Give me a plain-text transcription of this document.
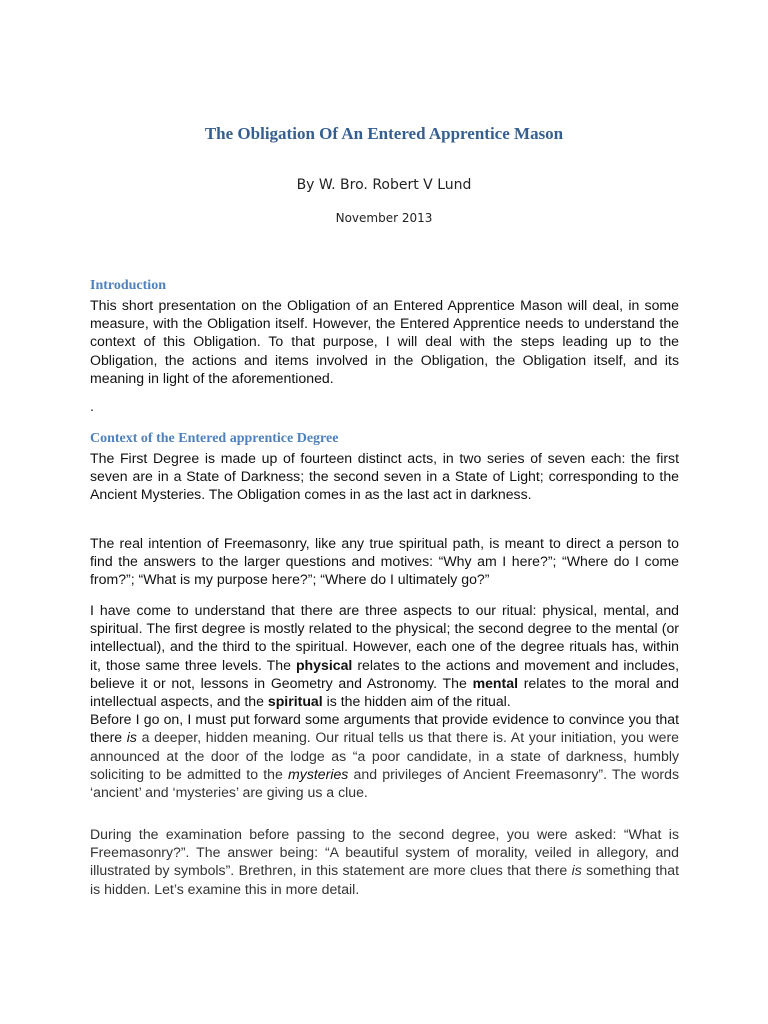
The Obligation Of An Entered Apprentice Mason
By W. Bro. Robert V Lund
November 2013
Introduction

This short presentation on the Obligation of an Entered Apprentice Mason will deal, in some measure, with the Obligation itself. However, the Entered Apprentice needs to understand the context of this Obligation. To that purpose, I will deal with the steps leading up to the Obligation, the actions and items involved in the Obligation, the Obligation itself, and its meaning in light of the aforementioned.

.
Context of the Entered apprentice Degree

The First Degree is made up of fourteen distinct acts, in two series of seven each: the first seven are in a State of Darkness; the second seven in a State of Light; corresponding to the Ancient Mysteries. The Obligation comes in as the last act in darkness.

The real intention of Freemasonry, like any true spiritual path, is meant to direct a person to find the answers to the larger questions and motives: “Why am I here?”; “Where do I come from?”; “What is my purpose here?”; “Where do I ultimately go?”

I have come to understand that there are three aspects to our ritual: physical, mental, and spiritual. The first degree is mostly related to the physical; the second degree to the mental (or intellectual), and the third to the spiritual. However, each one of the degree rituals has, within it, those same three levels. The physical relates to the actions and movement and includes, believe it or not, lessons in Geometry and Astronomy. The mental relates to the moral and intellectual aspects, and the spiritual is the hidden aim of the ritual.

Before I go on, I must put forward some arguments that provide evidence to convince you that there is a deeper, hidden meaning. Our ritual tells us that there is. At your initiation, you were announced at the door of the lodge as “a poor candidate, in a state of darkness, humbly soliciting to be admitted to the mysteries and privileges of Ancient Freemasonry”. The words ‘ancient’ and ‘mysteries’ are giving us a clue.

During the examination before passing to the second degree, you were asked: “What is Freemasonry?”. The answer being: “A beautiful system of morality, veiled in allegory, and illustrated by symbols”. Brethren, in this statement are more clues that there is something that is hidden. Let’s examine this in more detail.
